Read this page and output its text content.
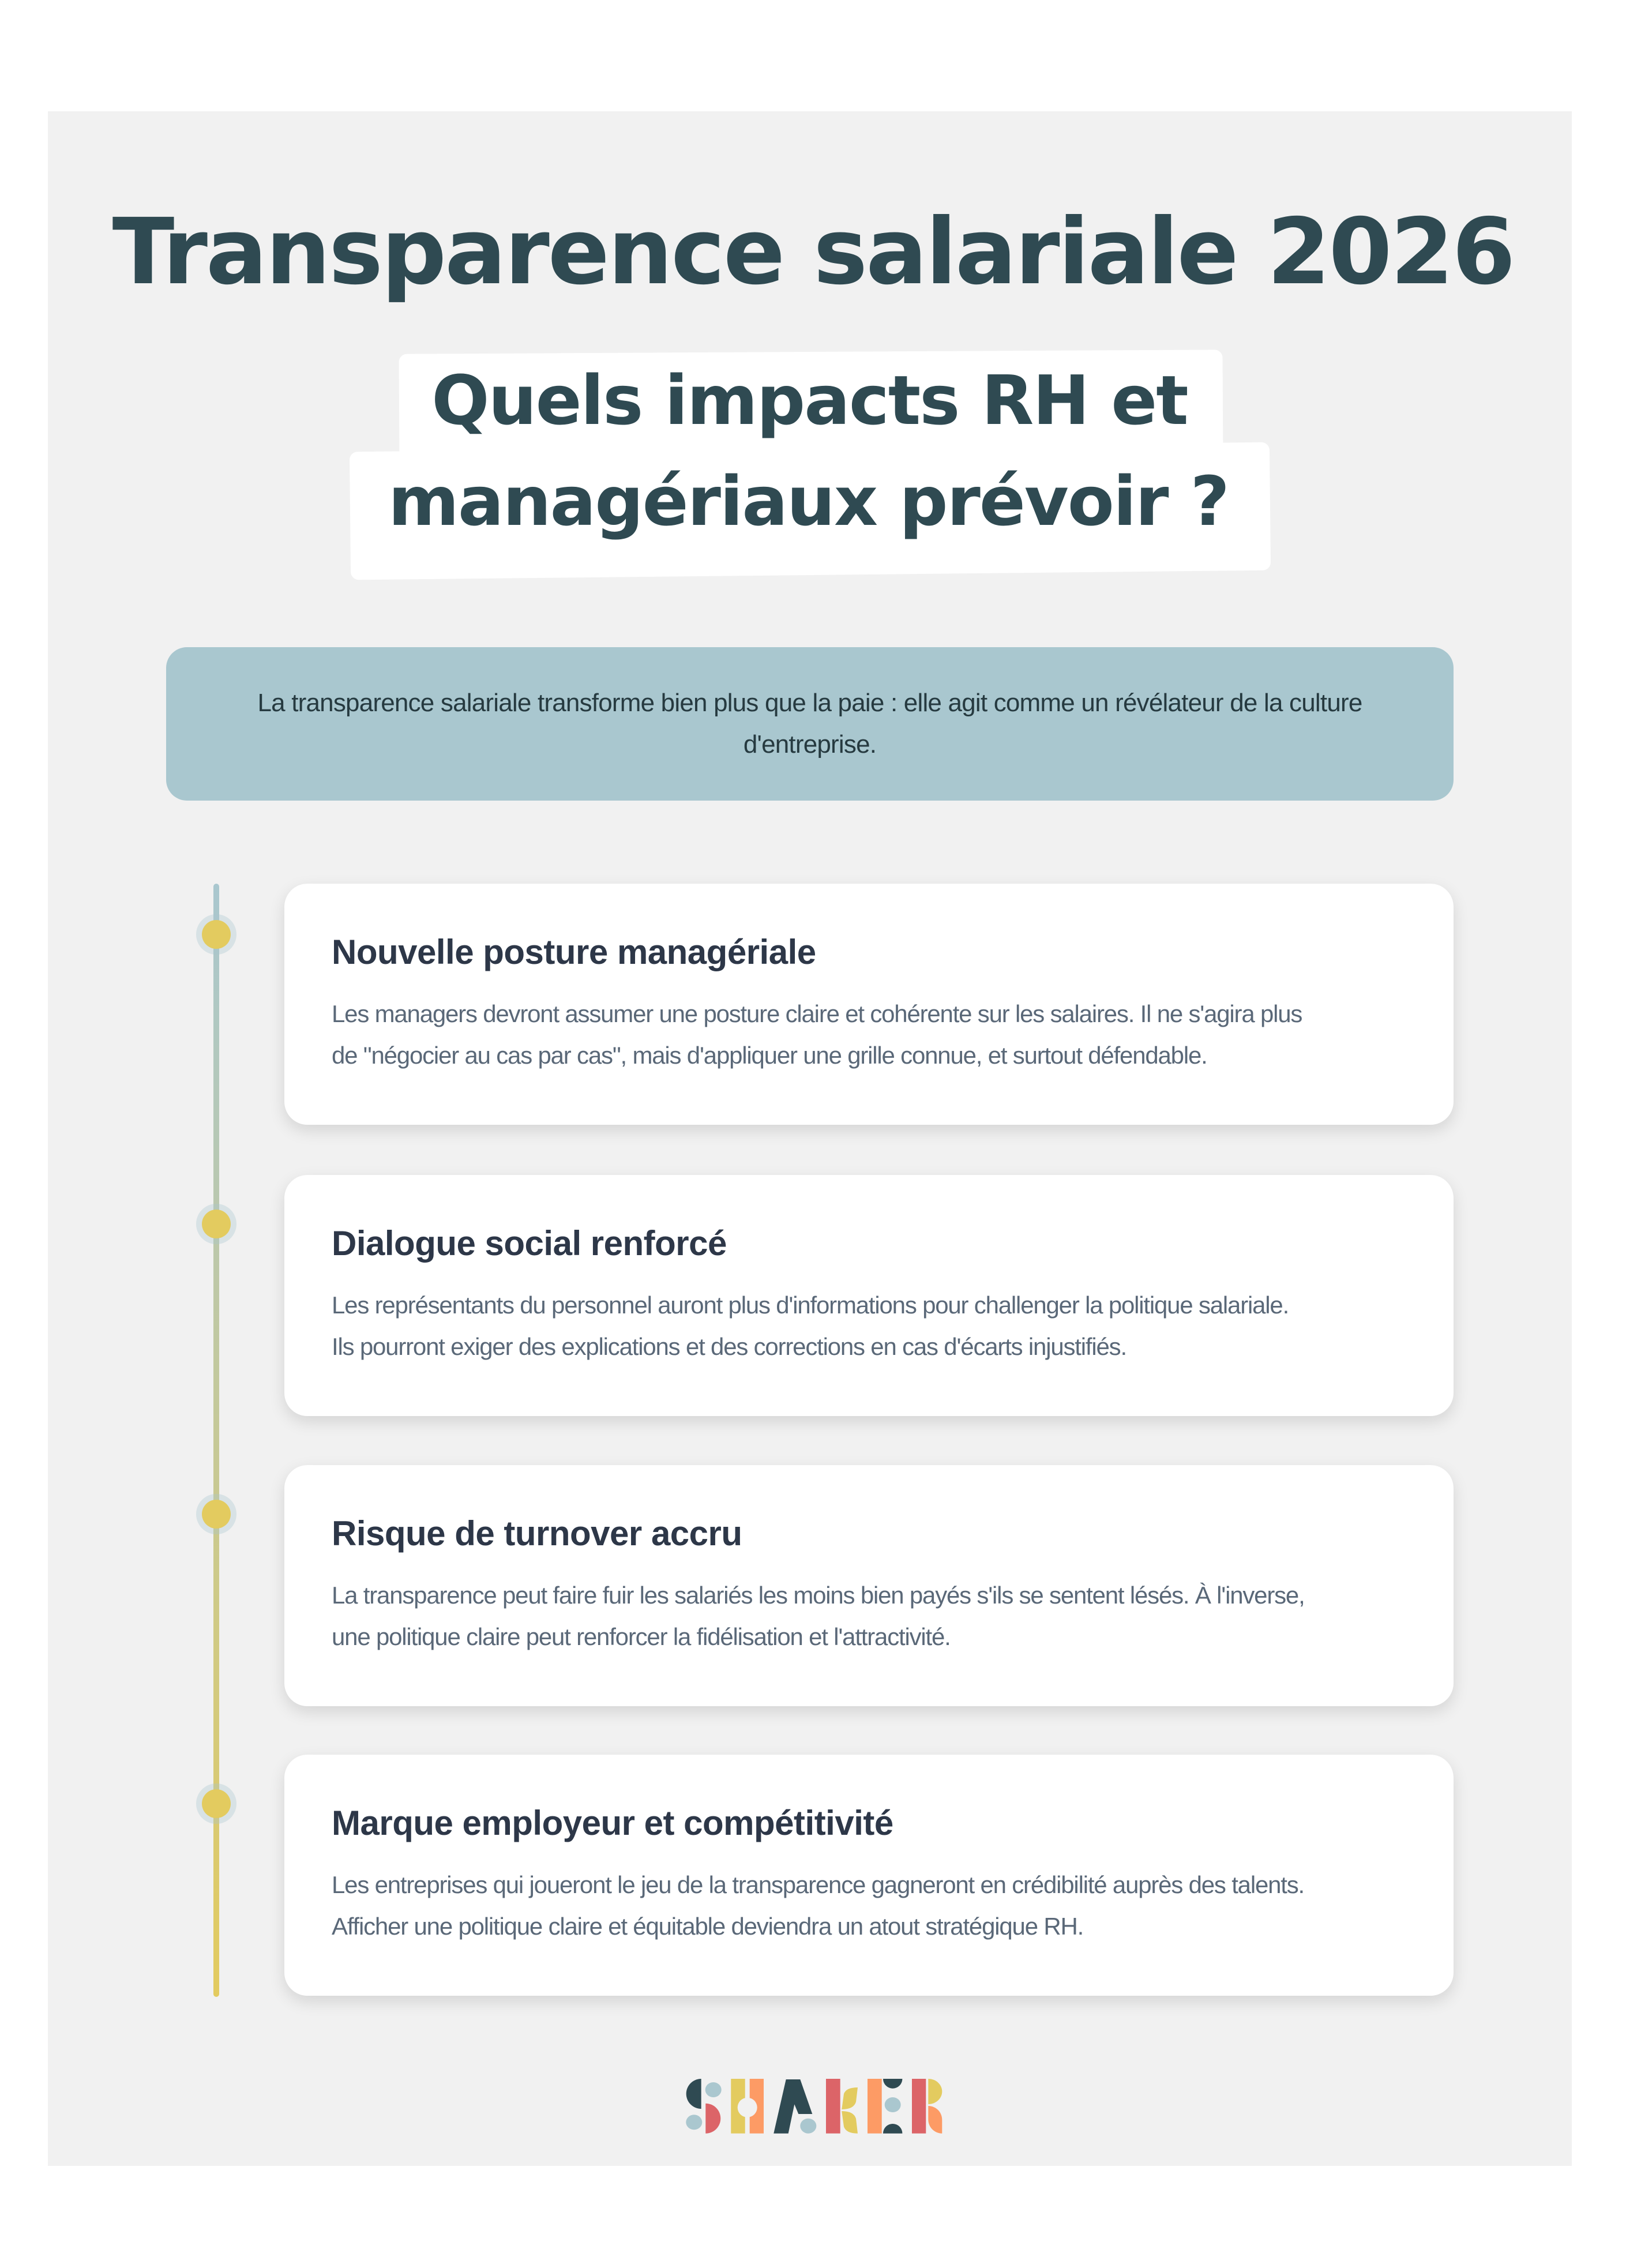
Transparence salariale 2026
Quels impacts RH et
managériaux prévoir ?

La transparence salariale transforme bien plus que la paie : elle agit comme un révélateur de la culture d'entreprise.

Nouvelle posture managériale
Les managers devront assumer une posture claire et cohérente sur les salaires. Il ne s'agira plus
de "négocier au cas par cas", mais d'appliquer une grille connue, et surtout défendable.
Dialogue social renforcé
Les représentants du personnel auront plus d'informations pour challenger la politique salariale.
Ils pourront exiger des explications et des corrections en cas d'écarts injustifiés.
Risque de turnover accru
La transparence peut faire fuir les salariés les moins bien payés s'ils se sentent lésés. À l'inverse,
une politique claire peut renforcer la fidélisation et l'attractivité.
Marque employeur et compétitivité
Les entreprises qui joueront le jeu de la transparence gagneront en crédibilité auprès des talents.
Afficher une politique claire et équitable deviendra un atout stratégique RH.
